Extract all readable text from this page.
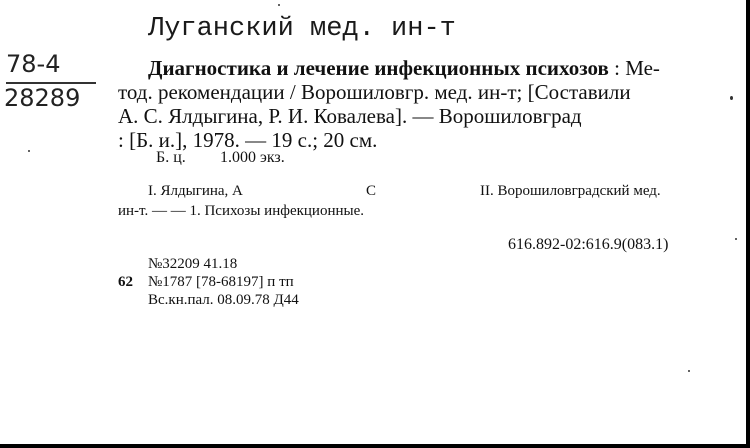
Луганский мед. ин-т
78-4
28289
Диагностика и лечение инфекционных психозов : Ме-
тод. рекомендации / Ворошиловгр. мед. ин-т; [Составили
А. С. Ялдыгина, Р. И. Ковалева]. — Ворошиловград
: [Б. и.], 1978. — 19 с.; 20 см.
Б. ц. 1.000 экз.
I. Ялдыгина, А	С	II. Ворошиловградский мед.
ин-т. — — 1. Психозы инфекционные.
616.892-02:616.9(083.1)
№32209 41.18
62 №1787 [78-68197] п тп
Вс.кн.пал. 08.09.78 Д44
